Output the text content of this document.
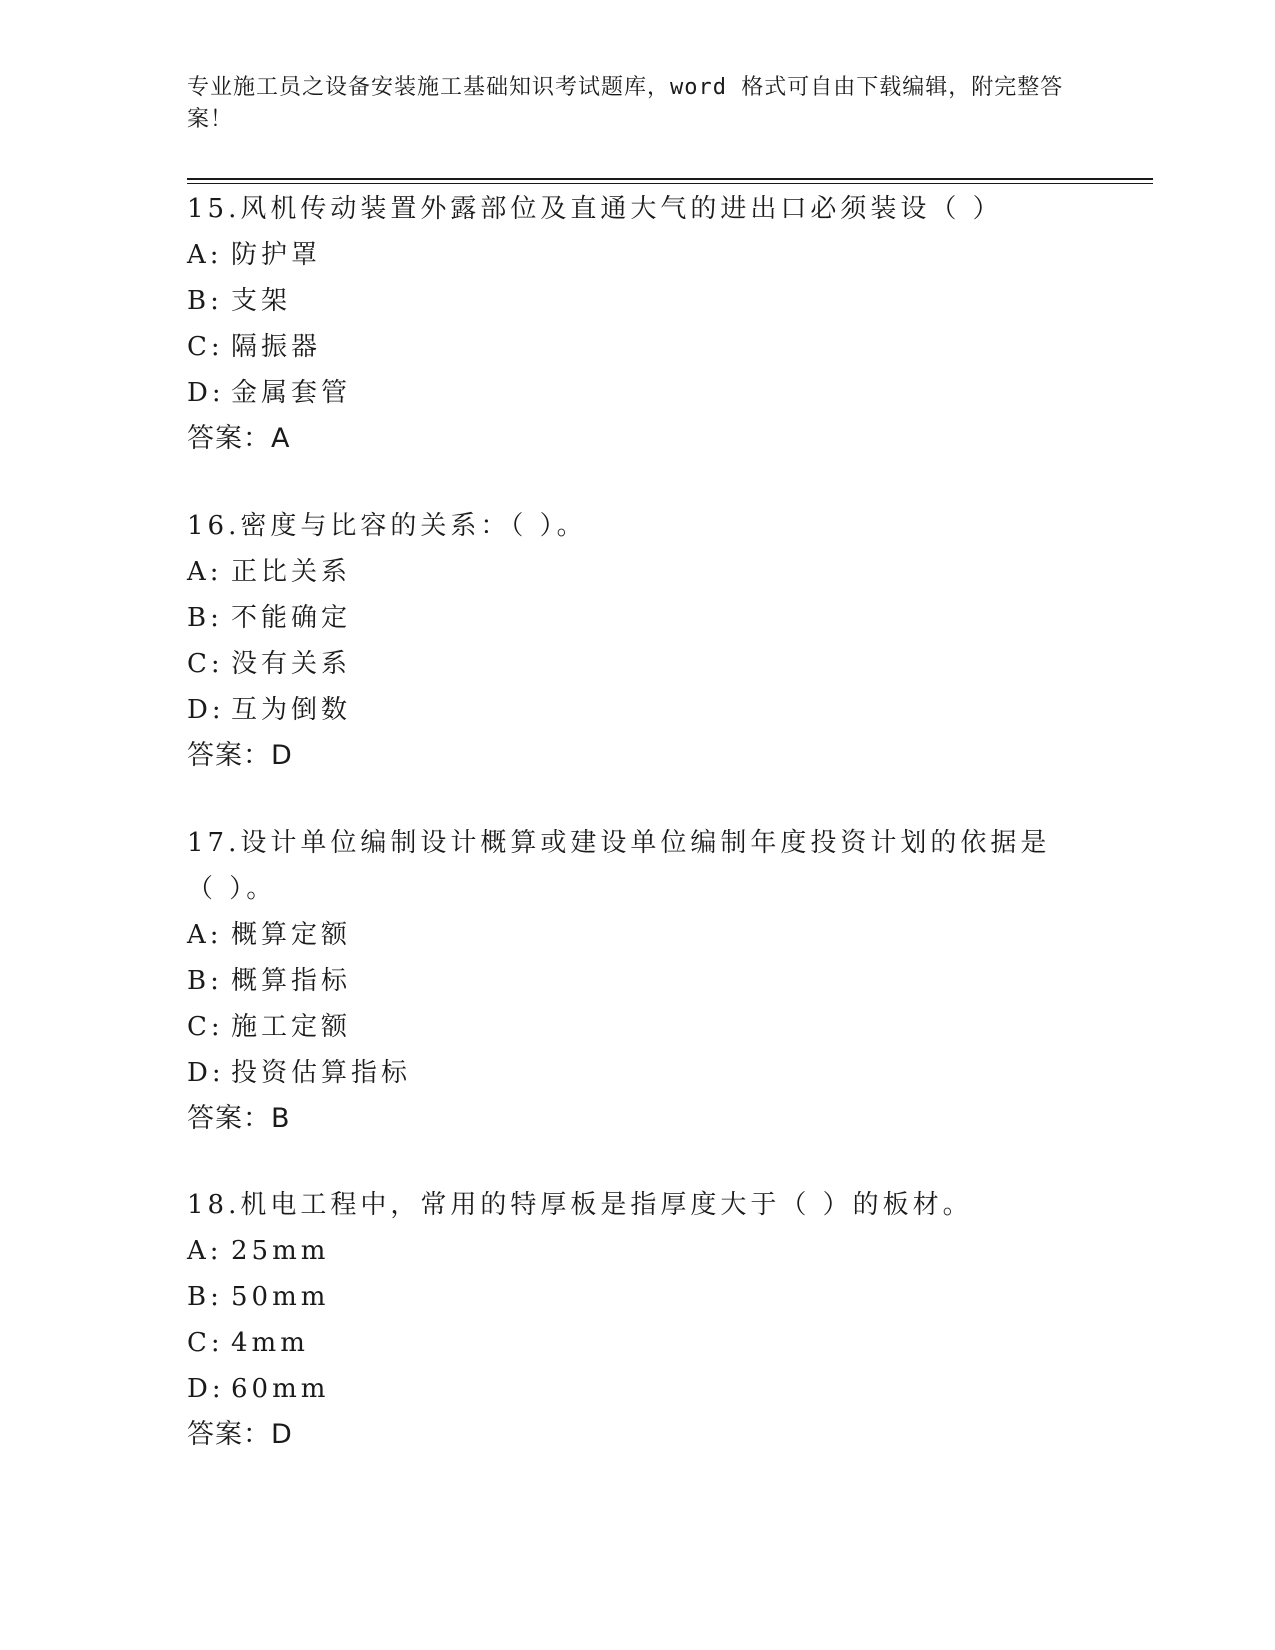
专业施工员之设备安装施工基础知识考试题库，word 格式可自由下载编辑，附完整答案！

15.风机传动装置外露部位及直通大气的进出口必须装设（ ）

A: 防护罩

B: 支架

C: 隔振器

D: 金属套管

答案：A

16.密度与比容的关系：（ ）。

A: 正比关系

B: 不能确定

C: 没有关系

D: 互为倒数

答案：D

17.设计单位编制设计概算或建设单位编制年度投资计划的依据是（ ）。

A: 概算定额

B: 概算指标

C: 施工定额

D: 投资估算指标

答案：B

18.机电工程中，常用的特厚板是指厚度大于（ ）的板材。

A: 25mm

B: 50mm

C: 4mm

D: 60mm

答案：D
